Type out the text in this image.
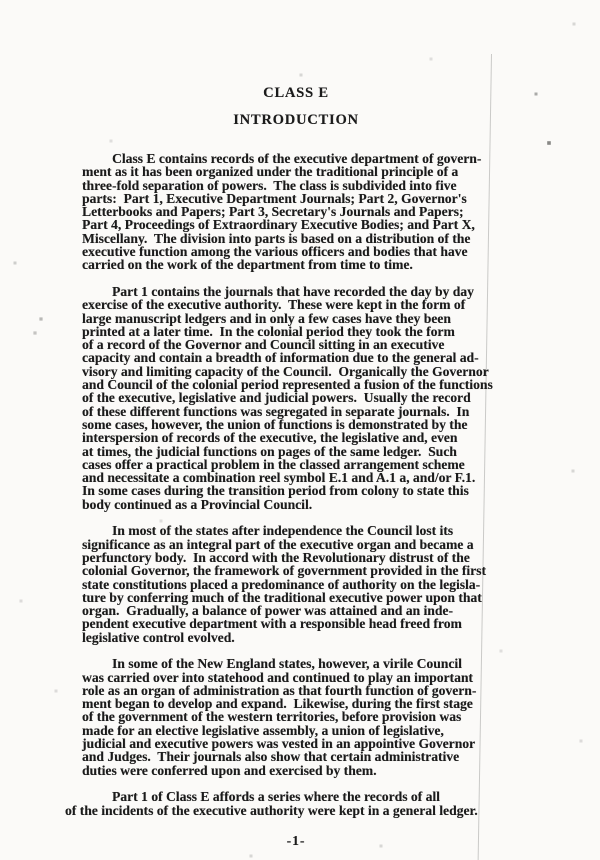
CLASS E
INTRODUCTION
Class E contains records of the executive department of govern-
ment as it has been organized under the traditional principle of a
three-fold separation of powers.  The class is subdivided into five
parts:  Part 1, Executive Department Journals; Part 2, Governor's
Letterbooks and Papers; Part 3, Secretary's Journals and Papers;
Part 4, Proceedings of Extraordinary Executive Bodies; and Part X,
Miscellany.  The division into parts is based on a distribution of the
executive function among the various officers and bodies that have
carried on the work of the department from time to time.
Part 1 contains the journals that have recorded the day by day
exercise of the executive authority.  These were kept in the form of
large manuscript ledgers and in only a few cases have they been
printed at a later time.  In the colonial period they took the form
of a record of the Governor and Council sitting in an executive
capacity and contain a breadth of information due to the general ad-
visory and limiting capacity of the Council.  Organically the Governor
and Council of the colonial period represented a fusion of the functions
of the executive, legislative and judicial powers.  Usually the record
of these different functions was segregated in separate journals.  In
some cases, however, the union of functions is demonstrated by the
interspersion of records of the executive, the legislative and, even
at times, the judicial functions on pages of the same ledger.  Such
cases offer a practical problem in the classed arrangement scheme
and necessitate a combination reel symbol E.1 and A.1 a, and/or F.1.
In some cases during the transition period from colony to state this
body continued as a Provincial Council.
In most of the states after independence the Council lost its
significance as an integral part of the executive organ and became a
perfunctory body.  In accord with the Revolutionary distrust of the
colonial Governor, the framework of government provided in the first
state constitutions placed a predominance of authority on the legisla-
ture by conferring much of the traditional executive power upon that
organ.  Gradually, a balance of power was attained and an inde-
pendent executive department with a responsible head freed from
legislative control evolved.
In some of the New England states, however, a virile Council
was carried over into statehood and continued to play an important
role as an organ of administration as that fourth function of govern-
ment began to develop and expand.  Likewise, during the first stage
of the government of the western territories, before provision was
made for an elective legislative assembly, a union of legislative,
judicial and executive powers was vested in an appointive Governor
and Judges.  Their journals also show that certain administrative
duties were conferred upon and exercised by them.
Part 1 of Class E affords a series where the records of all
of the incidents of the executive authority were kept in a general ledger.
-1-
